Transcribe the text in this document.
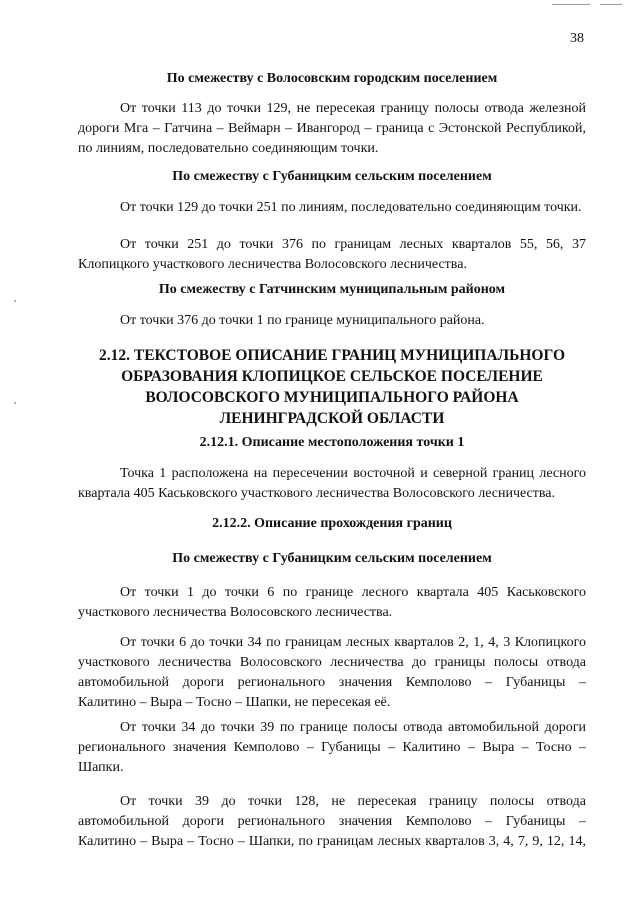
38
По смежеству с Волосовским городским поселением

От точки 113 до точки 129, не пересекая границу полосы отвода железной
дороги Мга – Гатчина – Веймарн – Ивангород – граница с Эстонской Республикой,
по линиям, последовательно соединяющим точки.

По смежеству с Губаницким сельским поселением

От точки 129 до точки 251 по линиям, последовательно соединяющим точки.

От точки 251 до точки 376 по границам лесных кварталов 55, 56, 37
Клопицкого участкового лесничества Волосовского лесничества.

По смежеству с Гатчинским муниципальным районом

От точки 376 до точки 1 по границе муниципального района.

2.12. ТЕКСТОВОЕ ОПИСАНИЕ ГРАНИЦ МУНИЦИПАЛЬНОГО
ОБРАЗОВАНИЯ КЛОПИЦКОЕ СЕЛЬСКОЕ ПОСЕЛЕНИЕ
ВОЛОСОВСКОГО МУНИЦИПАЛЬНОГО РАЙОНА
ЛЕНИНГРАДСКОЙ ОБЛАСТИ
2.12.1. Описание местоположения точки 1

Точка 1 расположена на пересечении восточной и северной границ лесного
квартала 405 Каськовского участкового лесничества Волосовского лесничества.

2.12.2. Описание прохождения границ
По смежеству с Губаницким сельским поселением

От точки 1 до точки 6 по границе лесного квартала 405 Каськовского
участкового лесничества Волосовского лесничества.

От точки 6 до точки 34 по границам лесных кварталов 2, 1, 4, 3 Клопицкого
участкового лесничества Волосовского лесничества до границы полосы отвода
автомобильной дороги регионального значения Кемполово – Губаницы –
Калитино – Выра – Тосно – Шапки, не пересекая её.

От точки 34 до точки 39 по границе полосы отвода автомобильной дороги
регионального значения Кемполово – Губаницы – Калитино – Выра – Тосно –
Шапки.

От точки 39 до точки 128, не пересекая границу полосы отвода
автомобильной дороги регионального значения Кемполово – Губаницы –
Калитино – Выра – Тосно – Шапки, по границам лесных кварталов 3, 4, 7, 9, 12, 14,
